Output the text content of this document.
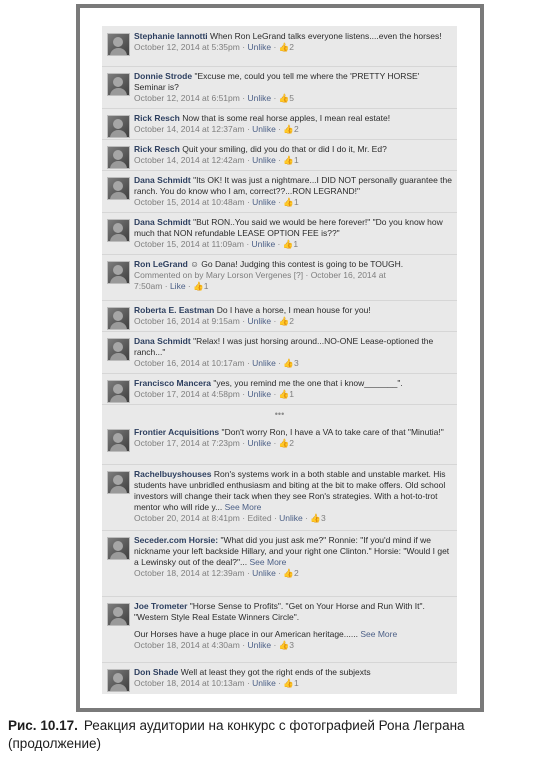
Stephanie Iannotti When Ron LeGrand talks everyone listens....even the horses!
October 12, 2014 at 5:35pm · Unlike · 👍2
Donnie Strode "Excuse me, could you tell me where the 'PRETTY HORSE' Seminar is?
October 12, 2014 at 6:51pm · Unlike · 👍5
Rick Resch Now that is some real horse apples, I mean real estate!
October 14, 2014 at 12:37am · Unlike · 👍2
Rick Resch Quit your smiling, did you do that or did I do it, Mr. Ed?
October 14, 2014 at 12:42am · Unlike · 👍1
Dana Schmidt "Its OK! It was just a nightmare...I DID NOT personally guarantee the ranch. You do know who I am, correct??...RON LEGRAND!"
October 15, 2014 at 10:48am · Unlike · 👍1
Dana Schmidt "But RON..You said we would be here forever!" "Do you know how much that NON refundable LEASE OPTION FEE is??"
October 15, 2014 at 11:09am · Unlike · 👍1
Ron LeGrand ☺ Go Dana! Judging this contest is going to be TOUGH.
Commented on by Mary Lorson Vergenes [?] · October 16, 2014 at
7:50am · Like · 👍1
Roberta E. Eastman Do I have a horse, I mean house for you!
October 16, 2014 at 9:15am · Unlike · 👍2
Dana Schmidt "Relax! I was just horsing around...NO-ONE Lease-optioned the ranch..."
October 16, 2014 at 10:17am · Unlike · 👍3
Francisco Mancera "yes, you remind me the one that i know_______".
October 17, 2014 at 4:58pm · Unlike · 👍1
•••
Frontier Acquisitions "Don't worry Ron, I have a VA to take care of that "Minutia!"
October 17, 2014 at 7:23pm · Unlike · 👍2
Rachelbuyshouses Ron's systems work in a both stable and unstable market. His students have unbridled enthusiasm and biting at the bit to make offers. Old school investors will change their tack when they see Ron's strategies. With a hot-to-trot mentor who will ride y... See More
October 20, 2014 at 8:41pm · Edited · Unlike · 👍3
Seceder.com Horsie: "What did you just ask me?" Ronnie: "If you'd mind if we nickname your left backside Hillary, and your right one Clinton." Horsie: "Would I get a Lewinsky out of the deal?"... See More
October 18, 2014 at 12:39am · Unlike · 👍2
Joe Trometer "Horse Sense to Profits". "Get on Your Horse and Run With It". "Western Style Real Estate Winners Circle".

Our Horses have a huge place in our American heritage...... See More
October 18, 2014 at 4:30am · Unlike · 👍3
Don Shade Well at least they got the right ends of the subjexts
October 18, 2014 at 10:13am · Unlike · 👍1
Рис. 10.17. Реакция аудитории на конкурс с фотографией Рона Леграна (продолжение)
